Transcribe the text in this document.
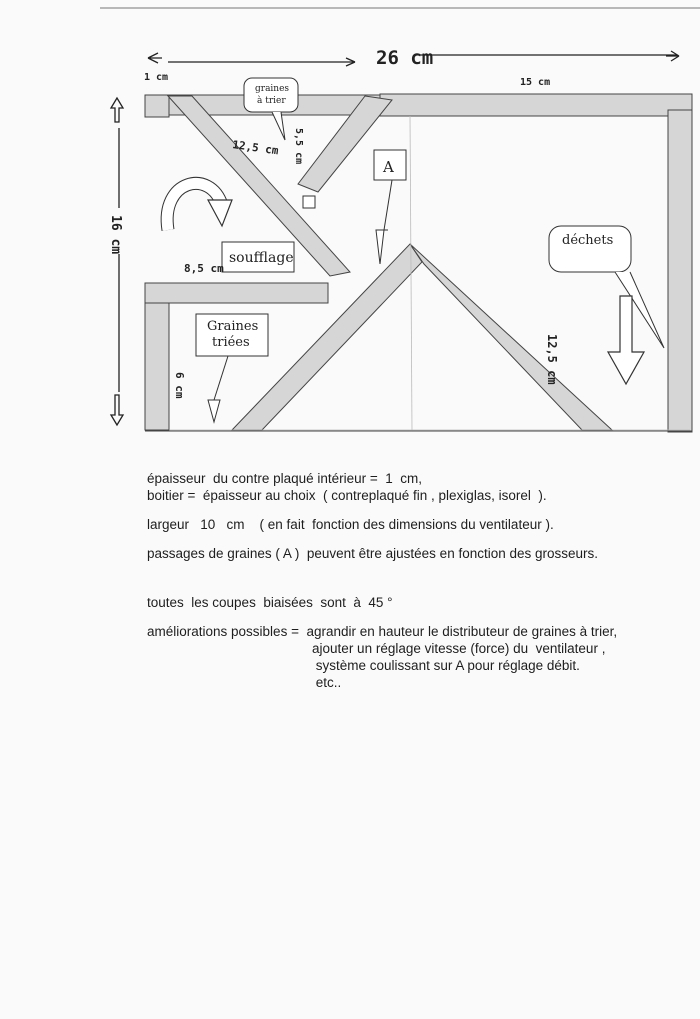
26 cm
1 cm	15 cm
16 cm
graines
à trier
12,5 cm 5,5 cm
A
soufflage
8,5 cm
déchets
12,5 cm
Graines
triées
6 cm

épaisseur  du contre plaqué intérieur =  1  cm,

boitier =  épaisseur au choix  ( contreplaqué fin , plexiglas, isorel  ).

largeur   10   cm    ( en fait  fonction des dimensions du ventilateur ).

passages de graines ( A )  peuvent être ajustées en fonction des grosseurs.

toutes  les coupes  biaisées  sont  à  45 °

améliorations possibles =  agrandir en hauteur le distributeur de graines à trier,

ajouter un réglage vitesse (force) du  ventilateur ,

système coulissant sur A pour réglage débit.

etc..
